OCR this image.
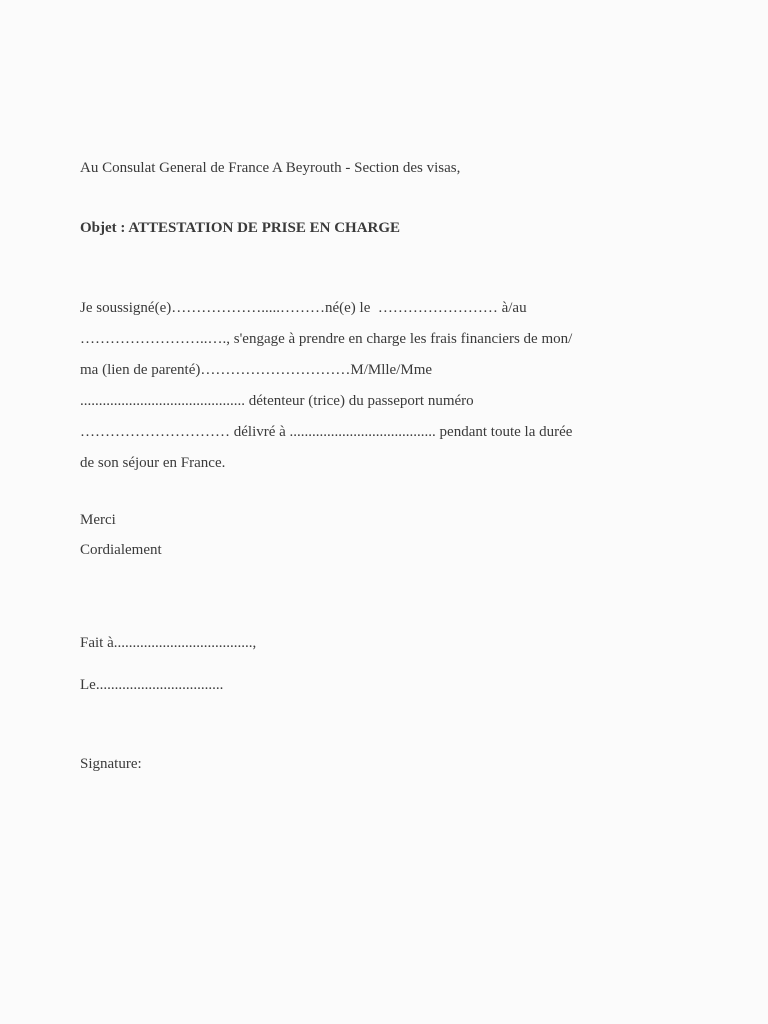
Au Consulat General de France A Beyrouth - Section des visas,
Objet : ATTESTATION DE PRISE EN CHARGE
Je soussigné(e)……………….....………né(e) le  …………………… à/au
……………………..…., s'engage à prendre en charge les frais financiers de mon/
ma (lien de parenté)…………………………M/Mlle/Mme
............................................ détenteur (trice) du passeport numéro
………………………… délivré à ....................................... pendant toute la durée
de son séjour en France.
Merci
Cordialement
Fait à.....................................,
Le..................................
Signature:
